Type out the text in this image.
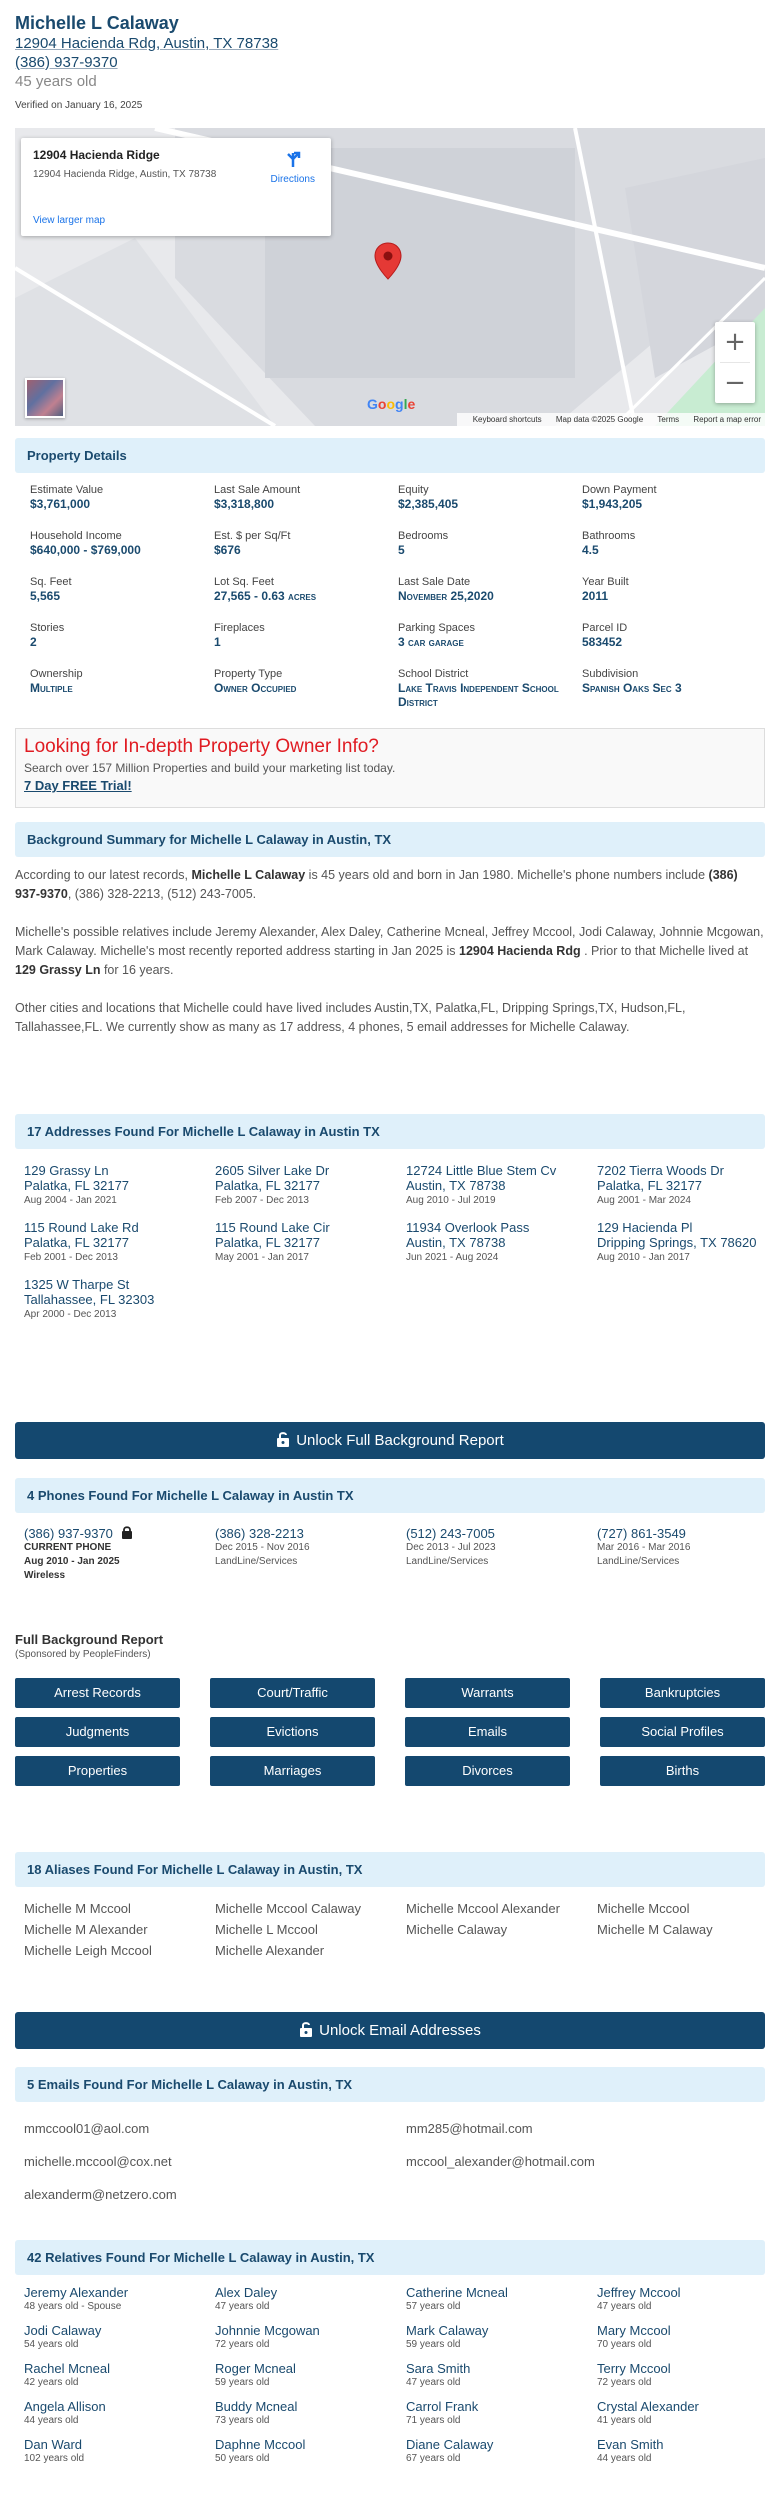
Michelle L Calaway
12904 Hacienda Rdg, Austin, TX 78738
(386) 937-9370
45 years old
Verified on January 16, 2025
12904 Hacienda Ridge
12904 Hacienda Ridge, Austin, TX 78738
View larger map
Directions
+
−
Google
Keyboard shortcuts Map data ©2025 Google Terms Report a map error
Property Details
Estimate Value
$3,761,000
Last Sale Amount
$3,318,800
Equity
$2,385,405
Down Payment
$1,943,205
Household Income
$640,000 - $769,000
Est. $ per Sq/Ft
$676
Bedrooms
5
Bathrooms
4.5
Sq. Feet
5,565
Lot Sq. Feet
27,565 - 0.63 acres
Last Sale Date
November 25,2020
Year Built
2011
Stories
2
Fireplaces
1
Parking Spaces
3 car garage
Parcel ID
583452
Ownership
Multiple
Property Type
Owner Occupied
School District
Lake Travis Independent School District
Subdivision
Spanish Oaks Sec 3
Looking for In-depth Property Owner Info?
Search over 157 Million Properties and build your marketing list today.
7 Day FREE Trial!
Background Summary for Michelle L Calaway in Austin, TX
According to our latest records, Michelle L Calaway is 45 years old and born in Jan 1980. Michelle's phone numbers include (386) 937-9370, (386) 328-2213, (512) 243-7005.
Michelle's possible relatives include Jeremy Alexander, Alex Daley, Catherine Mcneal, Jeffrey Mccool, Jodi Calaway, Johnnie Mcgowan, Mark Calaway. Michelle's most recently reported address starting in Jan 2025 is 12904 Hacienda Rdg . Prior to that Michelle lived at 129 Grassy Ln for 16 years.
Other cities and locations that Michelle could have lived includes Austin,TX, Palatka,FL, Dripping Springs,TX, Hudson,FL, Tallahassee,FL. We currently show as many as 17 address, 4 phones, 5 email addresses for Michelle Calaway.
17 Addresses Found For Michelle L Calaway in Austin TX
129 Grassy Ln
Palatka, FL 32177
Aug 2004 - Jan 2021
2605 Silver Lake Dr
Palatka, FL 32177
Feb 2007 - Dec 2013
12724 Little Blue Stem Cv
Austin, TX 78738
Aug 2010 - Jul 2019
7202 Tierra Woods Dr
Palatka, FL 32177
Aug 2001 - Mar 2024
115 Round Lake Rd
Palatka, FL 32177
Feb 2001 - Dec 2013
115 Round Lake Cir
Palatka, FL 32177
May 2001 - Jan 2017
11934 Overlook Pass
Austin, TX 78738
Jun 2021 - Aug 2024
129 Hacienda Pl
Dripping Springs, TX 78620
Aug 2010 - Jan 2017
1325 W Tharpe St
Tallahassee, FL 32303
Apr 2000 - Dec 2013
Unlock Full Background Report
4 Phones Found For Michelle L Calaway in Austin TX
(386) 937-9370
CURRENT PHONE
Aug 2010 - Jan 2025
Wireless
(386) 328-2213
Dec 2015 - Nov 2016
LandLine/Services
(512) 243-7005
Dec 2013 - Jul 2023
LandLine/Services
(727) 861-3549
Mar 2016 - Mar 2016
LandLine/Services
Full Background Report
(Sponsored by PeopleFinders)
Arrest Records	Court/Traffic	Warrants	Bankruptcies
Judgments	Evictions	Emails	Social Profiles
Properties	Marriages	Divorces	Births
18 Aliases Found For Michelle L Calaway in Austin, TX
Michelle M Mccool	Michelle Mccool Calaway	Michelle Mccool Alexander	Michelle Mccool
Michelle M Alexander	Michelle L Mccool	Michelle Calaway	Michelle M Calaway
Michelle Leigh Mccool	Michelle Alexander
Unlock Email Addresses
5 Emails Found For Michelle L Calaway in Austin, TX
mmccool01@aol.com	mm285@hotmail.com
michelle.mccool@cox.net	mccool_alexander@hotmail.com
alexanderm@netzero.com
42 Relatives Found For Michelle L Calaway in Austin, TX
Jeremy Alexander
48 years old - Spouse
Alex Daley
47 years old
Catherine Mcneal
57 years old
Jeffrey Mccool
47 years old
Jodi Calaway
54 years old
Johnnie Mcgowan
72 years old
Mark Calaway
59 years old
Mary Mccool
70 years old
Rachel Mcneal
42 years old
Roger Mcneal
59 years old
Sara Smith
47 years old
Terry Mccool
72 years old
Angela Allison
44 years old
Buddy Mcneal
73 years old
Carrol Frank
71 years old
Crystal Alexander
41 years old
Dan Ward
102 years old
Daphne Mccool
50 years old
Diane Calaway
67 years old
Evan Smith
44 years old
